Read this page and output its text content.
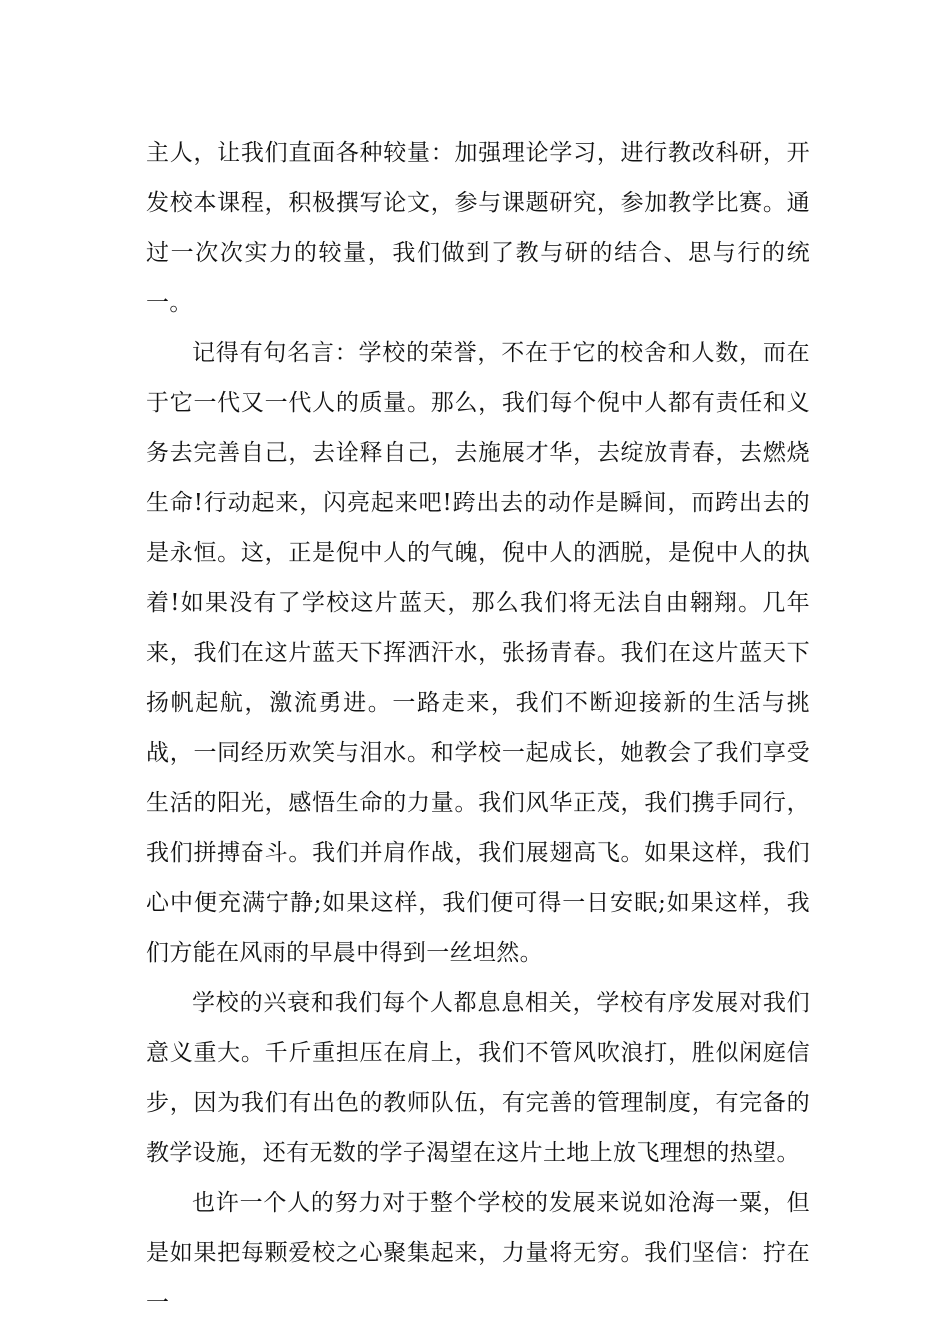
主人，让我们直面各种较量：加强理论学习，进行教改科研，开发校本课程，积极撰写论文，参与课题研究，参加教学比赛。通过一次次实力的较量，我们做到了教与研的结合、思与行的统一。

记得有句名言：学校的荣誉，不在于它的校舍和人数，而在于它一代又一代人的质量。那么，我们每个倪中人都有责任和义务去完善自己，去诠释自己，去施展才华，去绽放青春，去燃烧生命!行动起来，闪亮起来吧!跨出去的动作是瞬间，而跨出去的是永恒。这，正是倪中人的气魄，倪中人的洒脱，是倪中人的执着!如果没有了学校这片蓝天，那么我们将无法自由翱翔。几年来，我们在这片蓝天下挥洒汗水，张扬青春。我们在这片蓝天下扬帆起航，激流勇进。一路走来，我们不断迎接新的生活与挑战，一同经历欢笑与泪水。和学校一起成长，她教会了我们享受生活的阳光，感悟生命的力量。我们风华正茂，我们携手同行，我们拼搏奋斗。我们并肩作战，我们展翅高飞。如果这样，我们心中便充满宁静;如果这样，我们便可得一日安眠;如果这样，我们方能在风雨的早晨中得到一丝坦然。

学校的兴衰和我们每个人都息息相关，学校有序发展对我们意义重大。千斤重担压在肩上，我们不管风吹浪打，胜似闲庭信步，因为我们有出色的教师队伍，有完善的管理制度，有完备的教学设施，还有无数的学子渴望在这片土地上放飞理想的热望。

也许一个人的努力对于整个学校的发展来说如沧海一粟，但是如果把每颗爱校之心聚集起来，力量将无穷。我们坚信：拧在一
